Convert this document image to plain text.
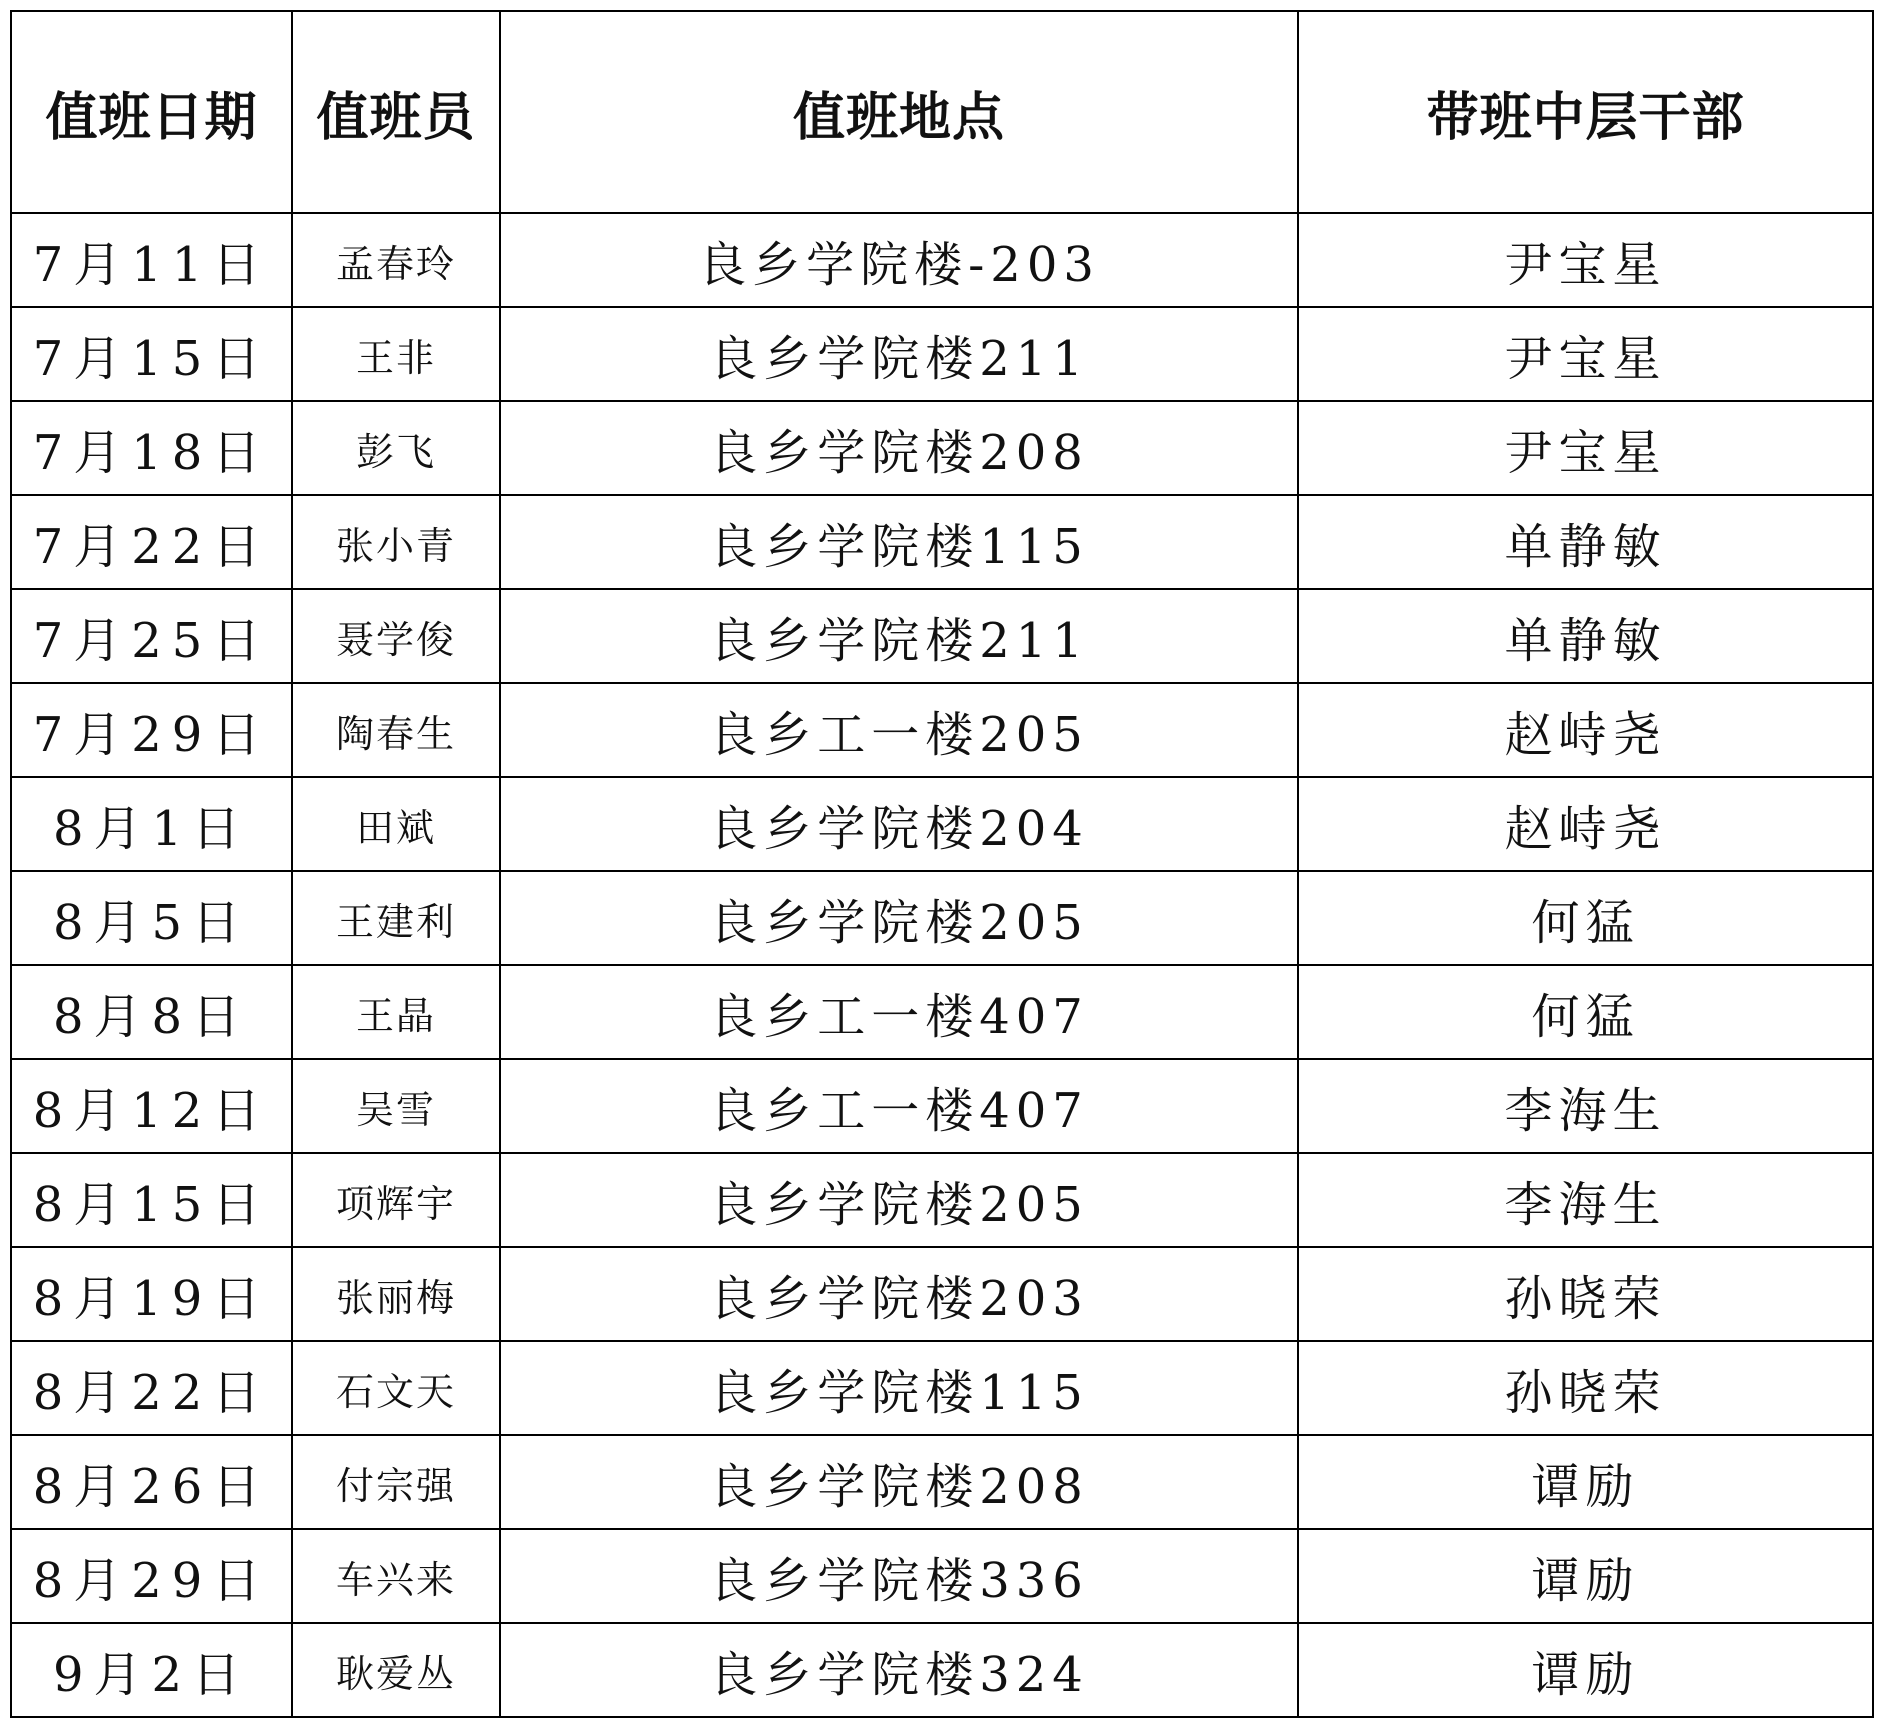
值班日期	值班员	值班地点	带班中层干部
7月11日	孟春玲	良乡学院楼-203	尹宝星
7月15日	王非	良乡学院楼211	尹宝星
7月18日	彭飞	良乡学院楼208	尹宝星
7月22日	张小青	良乡学院楼115	单静敏
7月25日	聂学俊	良乡学院楼211	单静敏
7月29日	陶春生	良乡工一楼205	赵峙尧
8月1日	田斌	良乡学院楼204	赵峙尧
8月5日	王建利	良乡学院楼205	何猛
8月8日	王晶	良乡工一楼407	何猛
8月12日	吴雪	良乡工一楼407	李海生
8月15日	项辉宇	良乡学院楼205	李海生
8月19日	张丽梅	良乡学院楼203	孙晓荣
8月22日	石文天	良乡学院楼115	孙晓荣
8月26日	付宗强	良乡学院楼208	谭励
8月29日	车兴来	良乡学院楼336	谭励
9月2日	耿爱丛	良乡学院楼324	谭励
